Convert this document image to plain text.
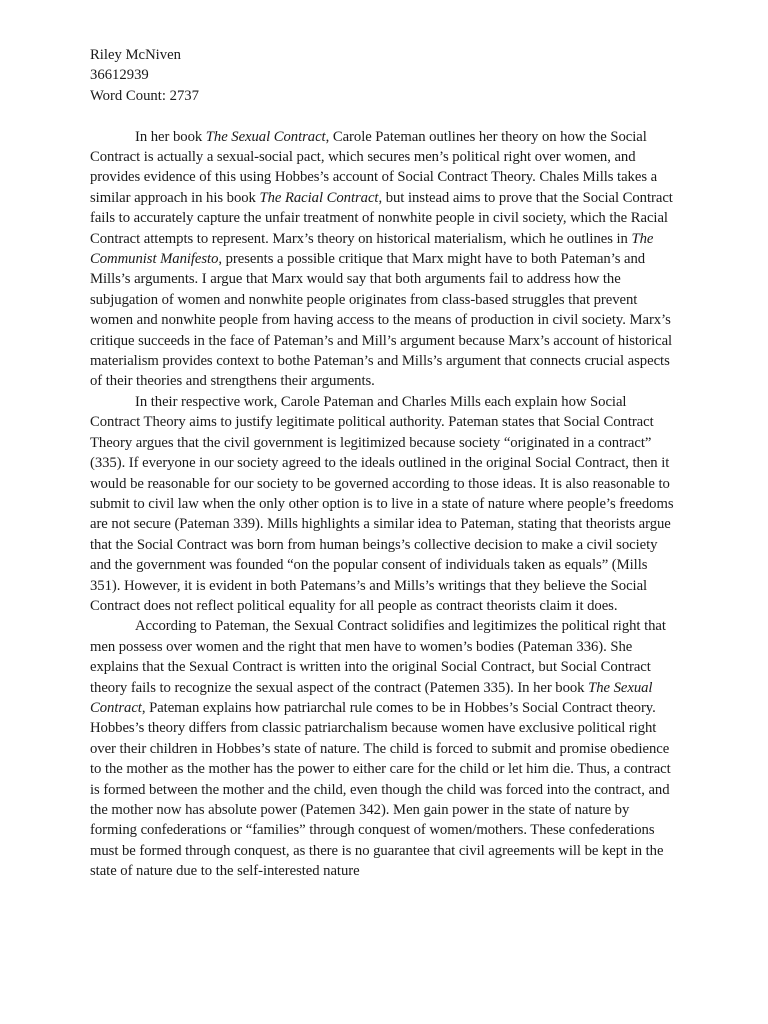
Riley McNiven

36612939

Word Count: 2737

In her book The Sexual Contract, Carole Pateman outlines her theory on how the Social Contract is actually a sexual-social pact, which secures men’s political right over women, and provides evidence of this using Hobbes’s account of Social Contract Theory. Chales Mills takes a similar approach in his book The Racial Contract, but instead aims to prove that the Social Contract fails to accurately capture the unfair treatment of nonwhite people in civil society, which the Racial Contract attempts to represent. Marx’s theory on historical materialism, which he outlines in The Communist Manifesto, presents a possible critique that Marx might have to both Pateman’s and Mills’s arguments. I argue that Marx would say that both arguments fail to address how the subjugation of women and nonwhite people originates from class-based struggles that prevent women and nonwhite people from having access to the means of production in civil society. Marx’s critique succeeds in the face of Pateman’s and Mill’s argument because Marx’s account of historical materialism provides context to bothe Pateman’s and Mills’s argument that connects crucial aspects of their theories and strengthens their arguments.

In their respective work, Carole Pateman and Charles Mills each explain how Social Contract Theory aims to justify legitimate political authority. Pateman states that Social Contract Theory argues that the civil government is legitimized because society “originated in a contract” (335). If everyone in our society agreed to the ideals outlined in the original Social Contract, then it would be reasonable for our society to be governed according to those ideas. It is also reasonable to submit to civil law when the only other option is to live in a state of nature where people’s freedoms are not secure (Pateman 339). Mills highlights a similar idea to Pateman, stating that theorists argue that the Social Contract was born from human beings’s collective decision to make a civil society and the government was founded “on the popular consent of individuals taken as equals” (Mills 351). However, it is evident in both Patemans’s and Mills’s writings that they believe the Social Contract does not reflect political equality for all people as contract theorists claim it does.

According to Pateman, the Sexual Contract solidifies and legitimizes the political right that men possess over women and the right that men have to women’s bodies (Pateman 336). She explains that the Sexual Contract is written into the original Social Contract, but Social Contract theory fails to recognize the sexual aspect of the contract (Patemen 335). In her book The Sexual Contract, Pateman explains how patriarchal rule comes to be in Hobbes’s Social Contract theory. Hobbes’s theory differs from classic patriarchalism because women have exclusive political right over their children in Hobbes’s state of nature. The child is forced to submit and promise obedience to the mother as the mother has the power to either care for the child or let him die. Thus, a contract is formed between the mother and the child, even though the child was forced into the contract, and the mother now has absolute power (Patemen 342). Men gain power in the state of nature by forming confederations or “families” through conquest of women/mothers. These confederations must be formed through conquest, as there is no guarantee that civil agreements will be kept in the state of nature due to the self-interested nature
